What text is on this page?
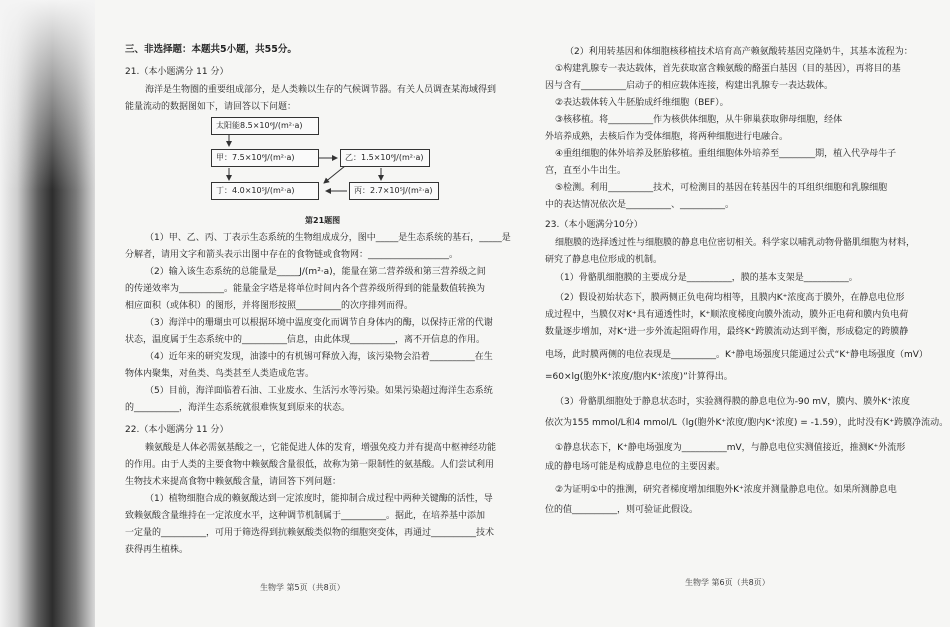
三、非选择题：本题共5小题，共55分。
21.（本小题满分 11 分）
海洋是生物圈的重要组成部分，是人类赖以生存的气候调节器。有关人员调查某海域得到
能量流动的数据图如下，请回答以下问题：
太阳能8.5×10⁶J/(m²·a)
甲：7.5×10⁶J/(m²·a)	乙：1.5×10⁶J/(m²·a)
丁：4.0×10⁵J/(m²·a)	丙：2.7×10⁵J/(m²·a)
第21题图
（1）甲、乙、丙、丁表示生态系统的生物组成成分，图中_____是生态系统的基石，_____是
分解者，请用文字和箭头表示出图中存在的食物链或食物网：__________________。
（2）输入该生态系统的总能量是_____J/(m²·a)，能量在第二营养级和第三营养级之间
的传递效率为__________。能量金字塔是将单位时间内各个营养级所得到的能量数值转换为
相应面积（或体积）的图形，并将图形按照__________的次序排列而得。
（3）海洋中的珊瑚虫可以根据环境中温度变化而调节自身体内的酶，以保持正常的代谢
状态，温度属于生态系统中的__________信息，由此体现__________，离不开信息的作用。
（4）近年来的研究发现，油漆中的有机锡可释放入海，该污染物会沿着__________在生
物体内聚集，对鱼类、鸟类甚至人类造成危害。
（5）目前，海洋面临着石油、工业废水、生活污水等污染。如果污染超过海洋生态系统
的__________，海洋生态系统就很难恢复到原来的状态。
22.（本小题满分 11 分）
赖氨酸是人体必需氨基酸之一，它能促进人体的发育，增强免疫力并有提高中枢神经功能
的作用。由于人类的主要食物中赖氨酸含量很低，故称为第一限制性的氨基酸。人们尝试利用
生物技术来提高食物中赖氨酸含量，请回答下列问题：
（1）植物细胞合成的赖氨酸达到一定浓度时，能抑制合成过程中两种关键酶的活性，导
致赖氨酸含量维持在一定浓度水平，这种调节机制属于__________。据此，在培养基中添加
一定量的__________，可用于筛选得到抗赖氨酸类似物的细胞突变体，再通过__________技术
获得再生植株。
生物学 第5页（共8页）
（2）利用转基因和体细胞核移植技术培育高产赖氨酸转基因克隆奶牛，其基本流程为：
①构建乳腺专一表达载体，首先获取富含赖氨酸的酪蛋白基因（目的基因），再将目的基
因与含有__________启动子的相应载体连接，构建出乳腺专一表达载体。
②表达载体转入牛胚胎成纤维细胞（BEF）。
③核移植。将__________作为核供体细胞，从牛卵巢获取卵母细胞，经体
外培养成熟，去核后作为受体细胞，将两种细胞进行电融合。
④重组细胞的体外培养及胚胎移植。重组细胞体外培养至________期，植入代孕母牛子
宫，直至小牛出生。
⑤检测。利用__________技术，可检测目的基因在转基因牛的耳组织细胞和乳腺细胞
中的表达情况依次是__________、__________。
23.（本小题满分10分）
细胞膜的选择透过性与细胞膜的静息电位密切相关。科学家以哺乳动物骨骼肌细胞为材料，
研究了静息电位形成的机制。
（1）骨骼肌细胞膜的主要成分是__________，膜的基本支架是__________。
（2）假设初始状态下，膜两侧正负电荷均相等，且膜内K⁺浓度高于膜外，在静息电位形
成过程中，当膜仅对K⁺具有通透性时，K⁺顺浓度梯度向膜外流动，膜外正电荷和膜内负电荷
数量逐步增加，对K⁺进一步外流起阻碍作用，最终K⁺跨膜流动达到平衡，形成稳定的跨膜静
电场，此时膜两侧的电位表现是__________。K⁺静电场强度只能通过公式“K⁺静电场强度（mV）
=60×lg(胞外K⁺浓度/胞内K⁺浓度)”计算得出。
（3）骨骼肌细胞处于静息状态时，实验测得膜的静息电位为-90 mV，膜内、膜外K⁺浓度
依次为155 mmol/L和4 mmol/L（lg(胞外K⁺浓度/胞内K⁺浓度) = -1.59），此时没有K⁺跨膜净流动。
①静息状态下，K⁺静电场强度为__________mV，与静息电位实测值接近，推测K⁺外流形
成的静电场可能是构成静息电位的主要因素。
②为证明①中的推测，研究者梯度增加细胞外K⁺浓度并测量静息电位。如果所测静息电
位的值__________，则可验证此假设。
生物学 第6页（共8页）
